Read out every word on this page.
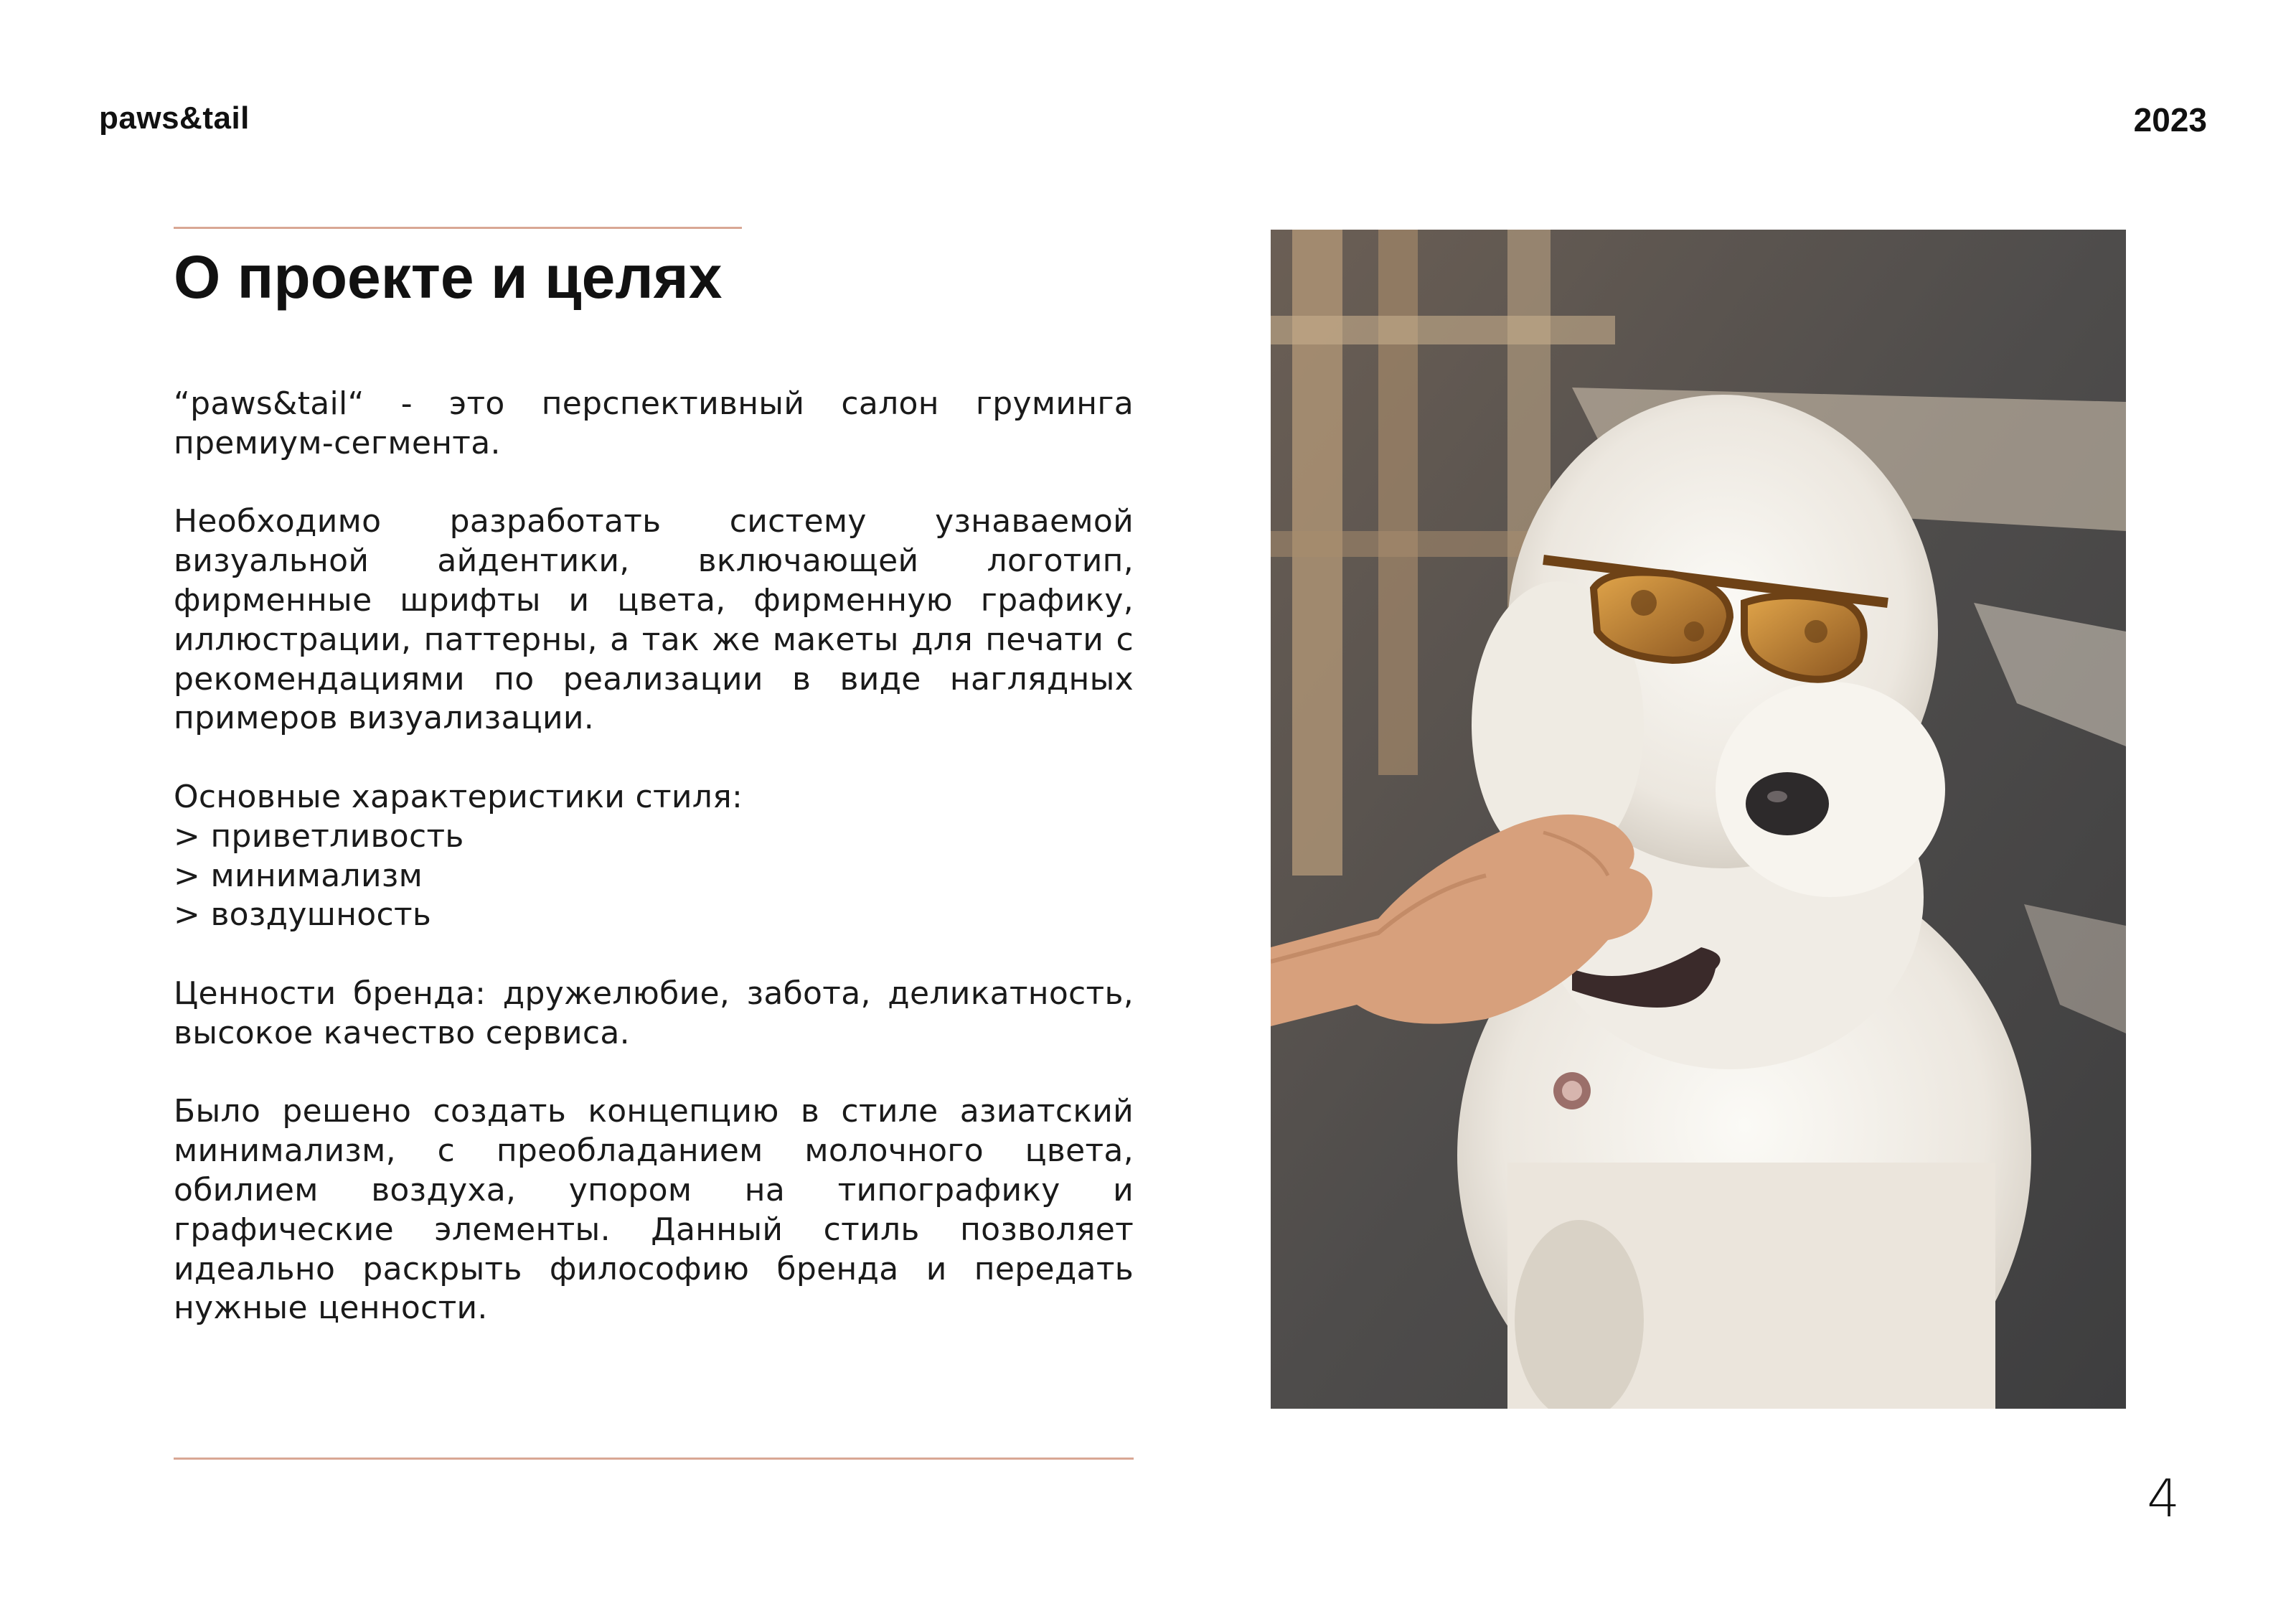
paws&tail	2023
О проекте и целях

“paws&tail“ - это перспективный салон груминга премиум-сегмента.

Необходимо разработать систему узнаваемой визуальной айдентики, включающей логотип, фирменные шрифты и цвета, фирменную графику, иллюстрации, паттерны, а так же макеты для печати с рекомендациями по реализации в виде наглядных примеров визуализации.

Основные характеристики стиля:
> приветливость
> минимализм
> воздушность

Ценности бренда: дружелюбие, забота, деликатность, высокое качество сервиса.

Было решено создать концепцию в стиле азиатский минимализм, с преобладанием молочного цвета, обилием воздуха, упором на типографику и графические элементы. Данный стиль позволяет идеально раскрыть философию бренда и передать нужные ценности.

4
